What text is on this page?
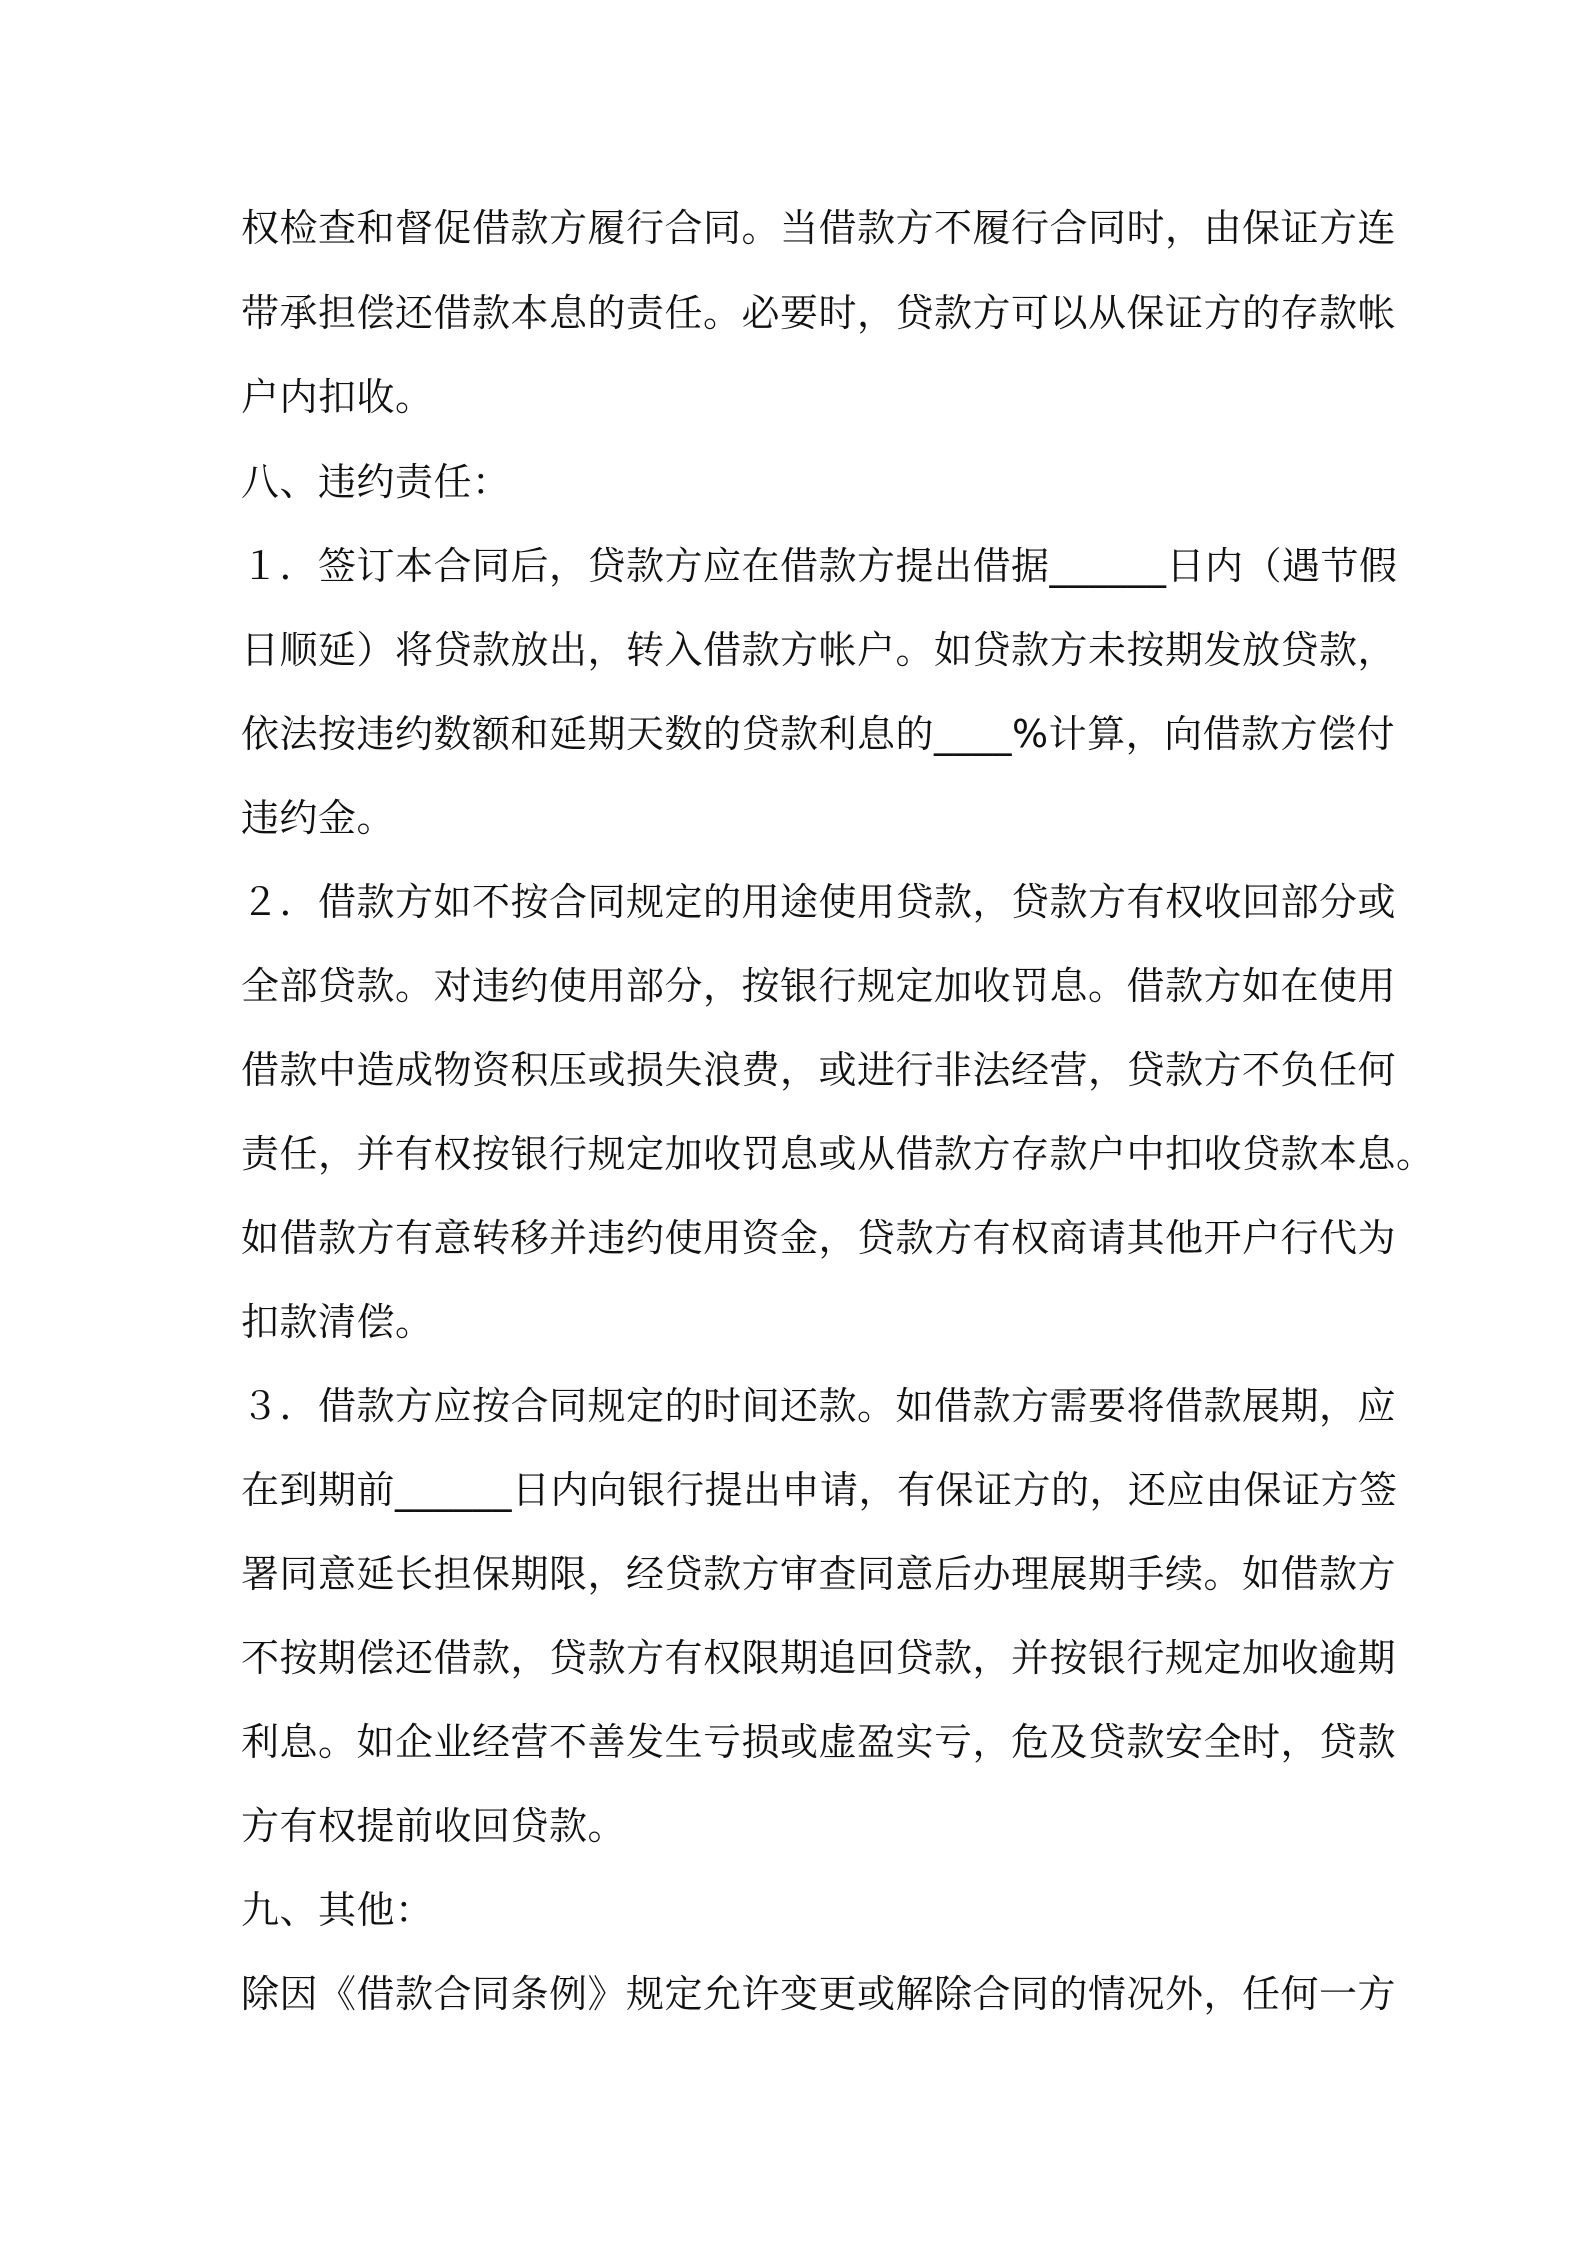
权检查和督促借款方履行合同。当借款方不履行合同时，由保证方连
带承担偿还借款本息的责任。必要时，贷款方可以从保证方的存款帐
户内扣收。
八、违约责任：
１．签订本合同后，贷款方应在借款方提出借据______日内（遇节假
日顺延）将贷款放出，转入借款方帐户。如贷款方未按期发放贷款，
依法按违约数额和延期天数的贷款利息的____%计算，向借款方偿付
违约金。
２．借款方如不按合同规定的用途使用贷款，贷款方有权收回部分或
全部贷款。对违约使用部分，按银行规定加收罚息。借款方如在使用
借款中造成物资积压或损失浪费，或进行非法经营，贷款方不负任何
责任，并有权按银行规定加收罚息或从借款方存款户中扣收贷款本息。
如借款方有意转移并违约使用资金，贷款方有权商请其他开户行代为
扣款清偿。
３．借款方应按合同规定的时间还款。如借款方需要将借款展期，应
在到期前______日内向银行提出申请，有保证方的，还应由保证方签
署同意延长担保期限，经贷款方审查同意后办理展期手续。如借款方
不按期偿还借款，贷款方有权限期追回贷款，并按银行规定加收逾期
利息。如企业经营不善发生亏损或虚盈实亏，危及贷款安全时，贷款
方有权提前收回贷款。
九、其他：
除因《借款合同条例》规定允许变更或解除合同的情况外，任何一方
